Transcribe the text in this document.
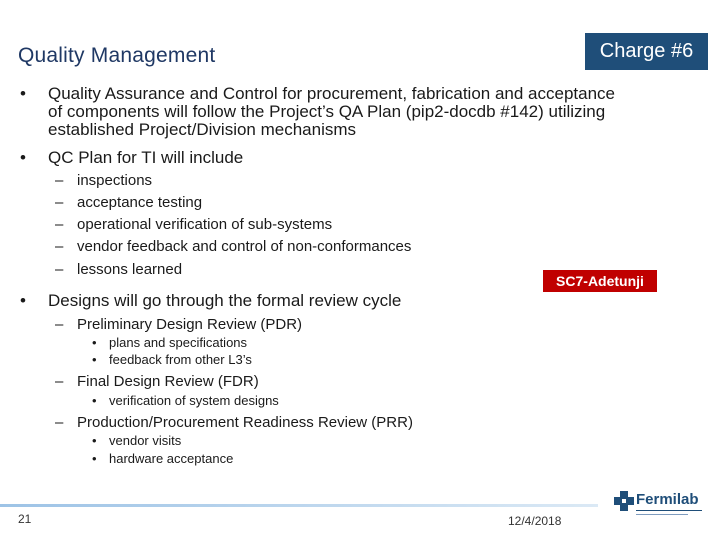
Quality Management	Charge #6
• Quality Assurance and Control for procurement, fabrication and acceptance
of components will follow the Project’s QA Plan (pip2-docdb #142) utilizing
established Project/Division mechanisms
• QC Plan for TI will include
– inspections
– acceptance testing
– operational verification of sub-systems
– vendor feedback and control of non-conformances
– lessons learned
SC7-Adetunji
• Designs will go through the formal review cycle
– Preliminary Design Review (PDR)
• plans and specifications
• feedback from other L3’s
– Final Design Review (FDR)
• verification of system designs
– Production/Procurement Readiness Review (PRR)
• vendor visits
• hardware acceptance
21	12/4/2018
Fermilab
